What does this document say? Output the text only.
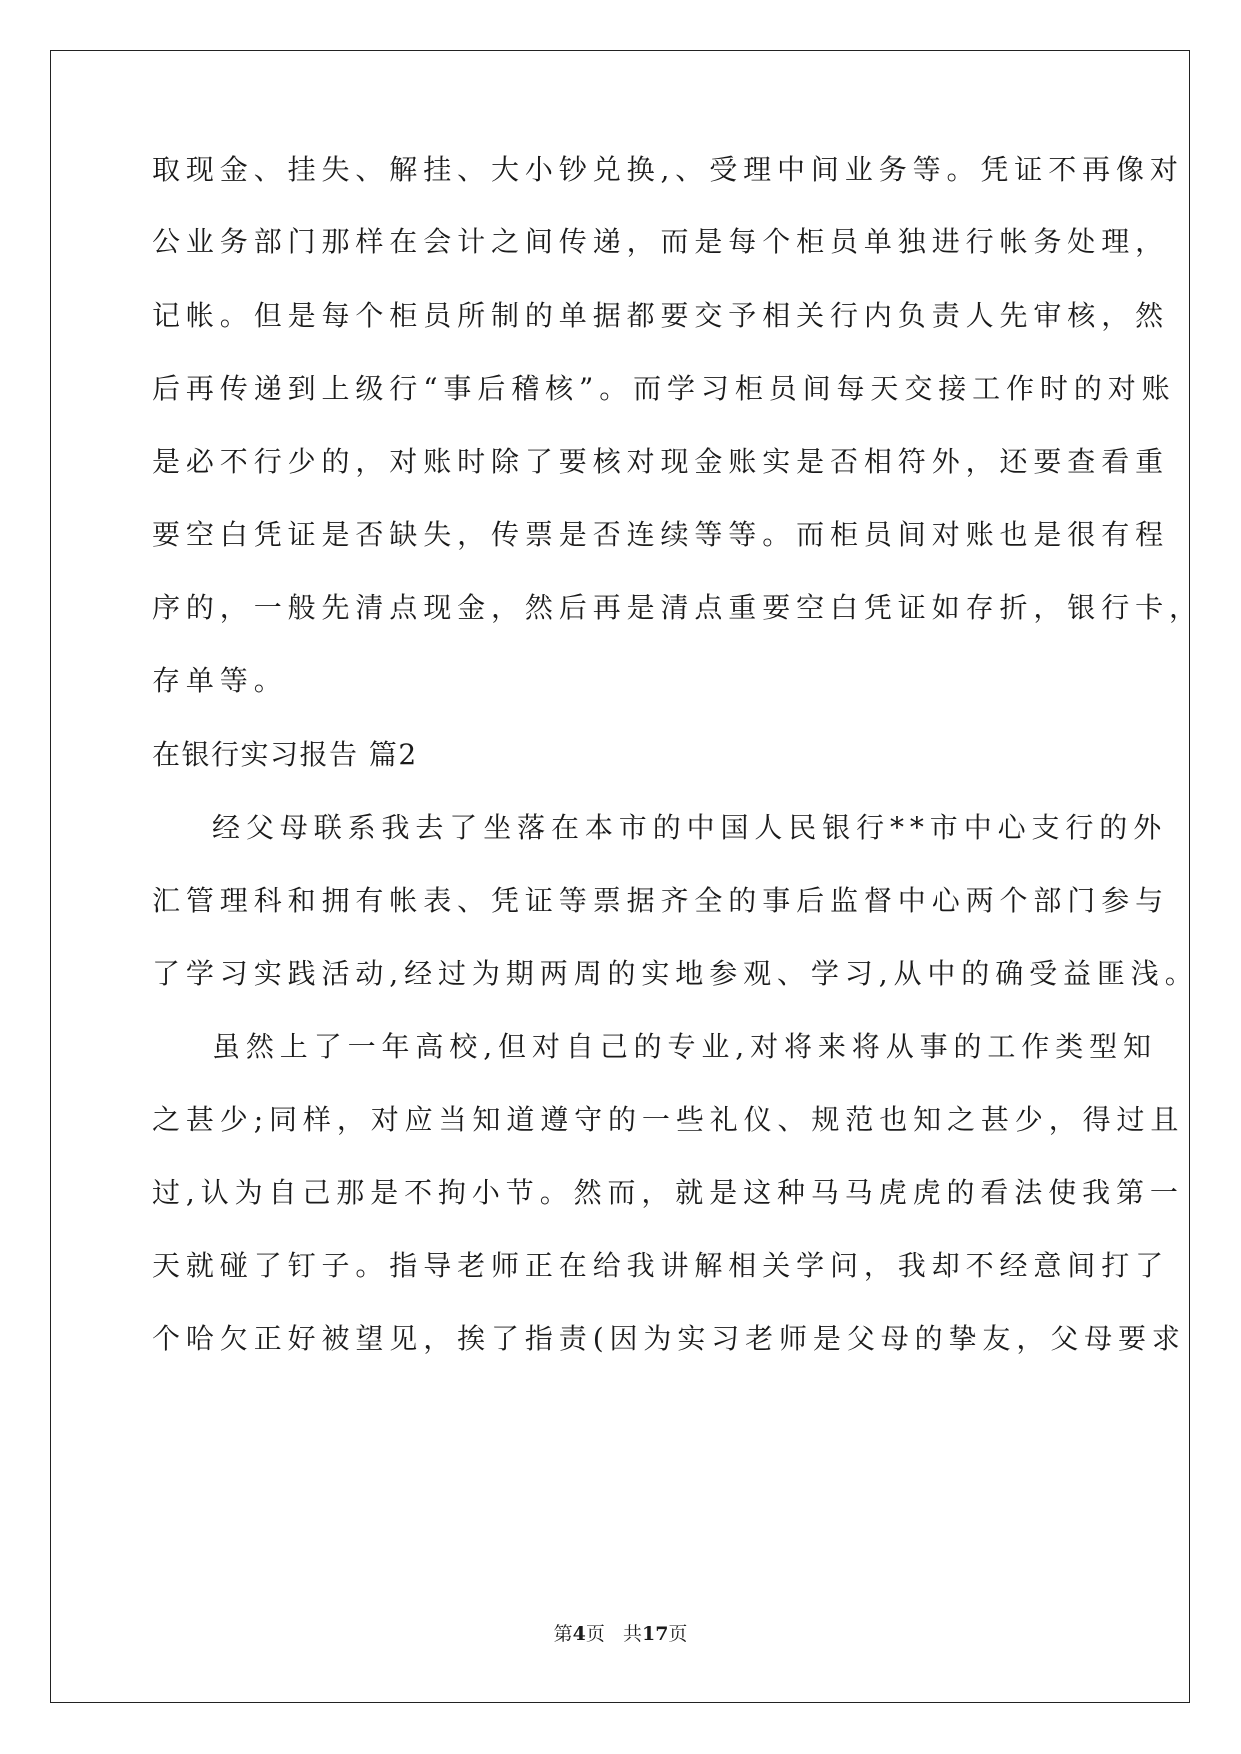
取现金、挂失、解挂、大小钞兑换,、受理中间业务等。凭证不再像对
公业务部门那样在会计之间传递，而是每个柜员单独进行帐务处理，
记帐。但是每个柜员所制的单据都要交予相关行内负责人先审核，然
后再传递到上级行“事后稽核”。而学习柜员间每天交接工作时的对账
是必不行少的，对账时除了要核对现金账实是否相符外，还要查看重
要空白凭证是否缺失，传票是否连续等等。而柜员间对账也是很有程
序的，一般先清点现金，然后再是清点重要空白凭证如存折，银行卡，
存单等。
在银行实习报告 篇2
经父母联系我去了坐落在本市的中国人民银行**市中心支行的外
汇管理科和拥有帐表、凭证等票据齐全的事后监督中心两个部门参与
了学习实践活动,经过为期两周的实地参观、学习,从中的确受益匪浅。
虽然上了一年高校,但对自己的专业,对将来将从事的工作类型知
之甚少;同样，对应当知道遵守的一些礼仪、规范也知之甚少，得过且
过,认为自己那是不拘小节。然而，就是这种马马虎虎的看法使我第一
天就碰了钉子。指导老师正在给我讲解相关学问，我却不经意间打了
个哈欠正好被望见，挨了指责(因为实习老师是父母的挚友，父母要求
第4页 共17页
